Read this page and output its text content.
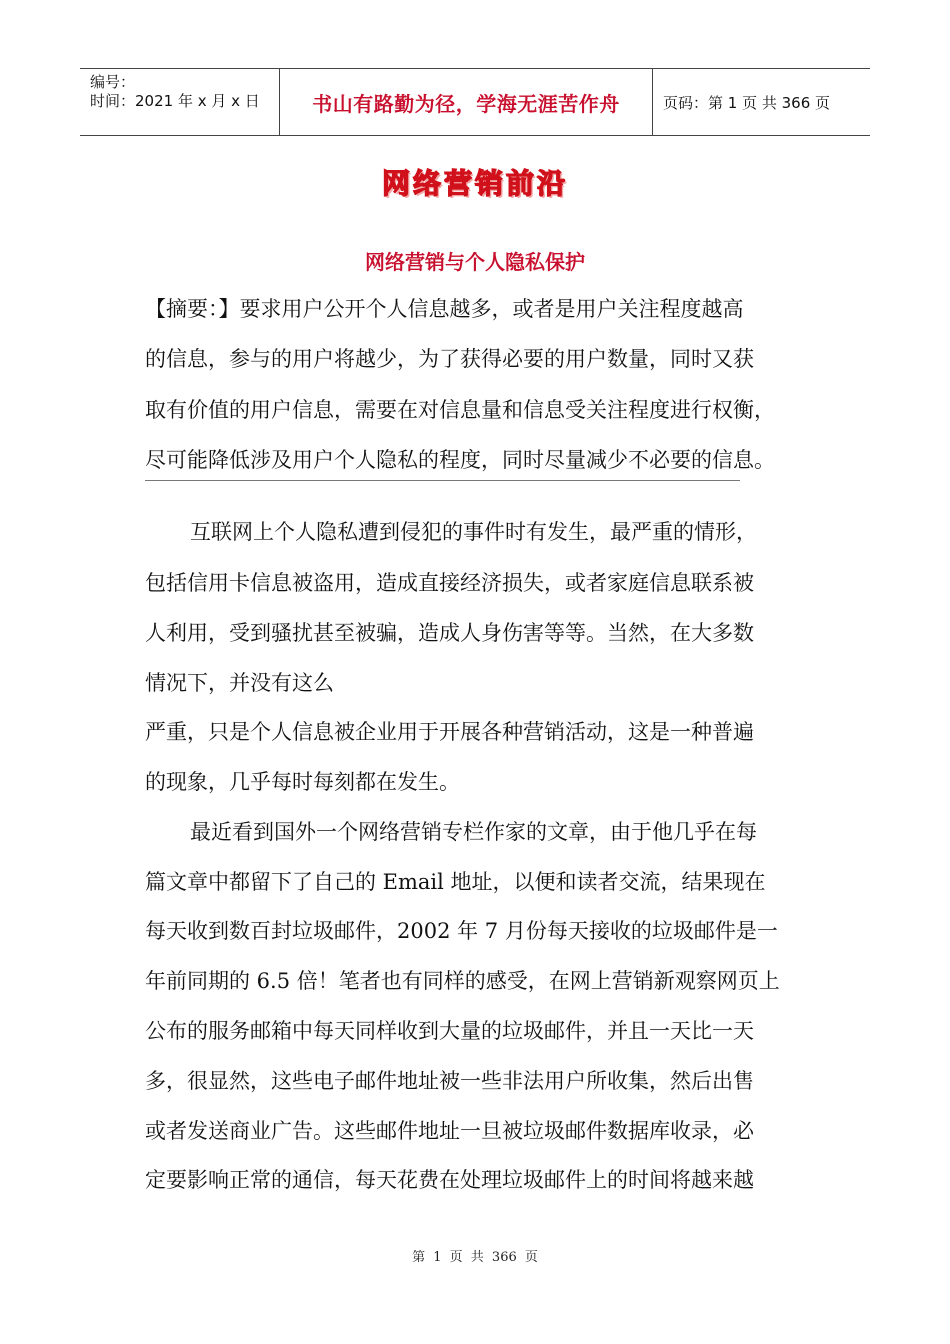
编号：
时间：2021 年 x 月 x 日	书山有路勤为径，学海无涯苦作舟	页码：第 1 页 共 366 页
网络营销前沿
网络营销与个人隐私保护
【摘要：】要求用户公开个人信息越多，或者是用户关注程度越高
的信息，参与的用户将越少，为了获得必要的用户数量，同时又获
取有价值的用户信息，需要在对信息量和信息受关注程度进行权衡，
尽可能降低涉及用户个人隐私的程度，同时尽量减少不必要的信息。
互联网上个人隐私遭到侵犯的事件时有发生，最严重的情形，
包括信用卡信息被盗用，造成直接经济损失，或者家庭信息联系被
人利用，受到骚扰甚至被骗，造成人身伤害等等。当然，在大多数
情况下，并没有这么
严重，只是个人信息被企业用于开展各种营销活动，这是一种普遍
的现象，几乎每时每刻都在发生。
最近看到国外一个网络营销专栏作家的文章，由于他几乎在每
篇文章中都留下了自己的 Email 地址，以便和读者交流，结果现在
每天收到数百封垃圾邮件，2002 年 7 月份每天接收的垃圾邮件是一
年前同期的 6.5 倍！笔者也有同样的感受，在网上营销新观察网页上
公布的服务邮箱中每天同样收到大量的垃圾邮件，并且一天比一天
多，很显然，这些电子邮件地址被一些非法用户所收集，然后出售
或者发送商业广告。这些邮件地址一旦被垃圾邮件数据库收录，必
定要影响正常的通信，每天花费在处理垃圾邮件上的时间将越来越
第 1 页 共 366 页
